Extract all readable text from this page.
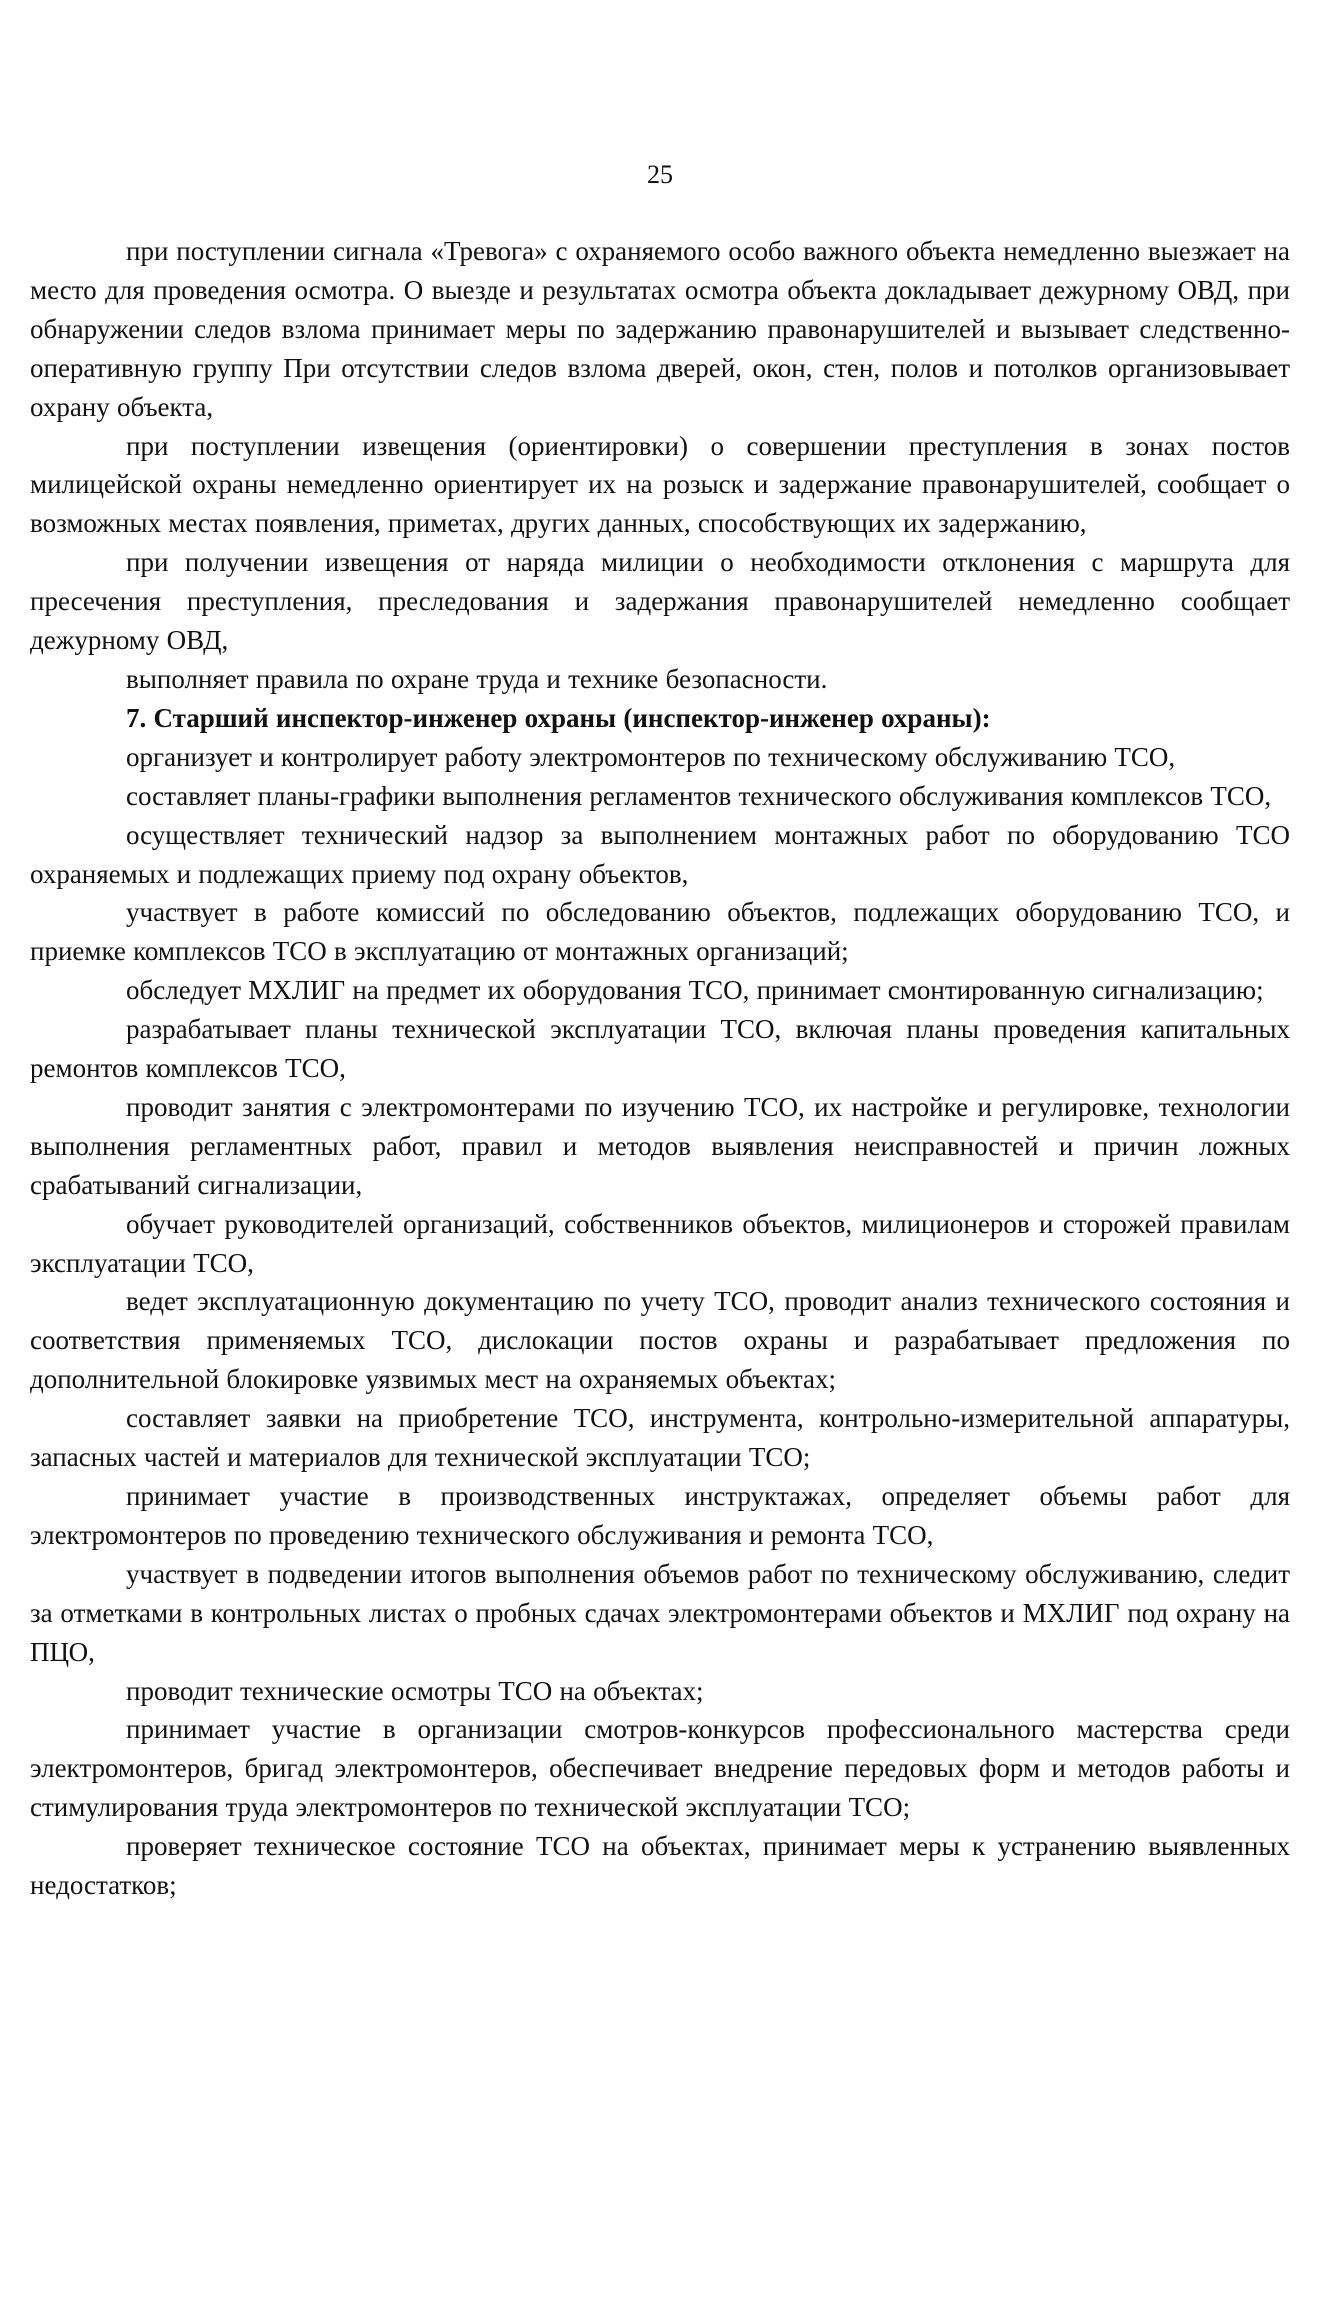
25

при поступлении сигнала «Тревога» с охраняемого особо важного объекта немедленно выезжает на место для проведения осмотра. О выезде и результатах осмотра объекта докладывает дежурному ОВД, при обнаружении следов взлома принимает меры по задержанию правонарушителей и вызывает следственно-оперативную группу При отсутствии следов взлома дверей, окон, стен, полов и потолков организовывает охрану объекта,

при поступлении извещения (ориентировки) о совершении преступления в зонах постов милицейской охраны немедленно ориентирует их на розыск и задержание правонарушителей, сообщает о возможных местах появления, приметах, других данных, способствующих их задержанию,

при получении извещения от наряда милиции о необходимости отклонения с маршрута для пресечения преступления, преследования и задержания правонарушителей немедленно сообщает дежурному ОВД,

выполняет правила по охране труда и технике безопасности.

7. Старший инспектор-инженер охраны (инспектор-инженер охраны):

организует и контролирует работу электромонтеров по техническому обслуживанию ТСО,

составляет планы-графики выполнения регламентов технического обслуживания комплексов ТСО,

осуществляет технический надзор за выполнением монтажных работ по оборудованию ТСО охраняемых и подлежащих приему под охрану объектов,

участвует в работе комиссий по обследованию объектов, подлежащих оборудованию ТСО, и приемке комплексов ТСО в эксплуатацию от монтажных организаций;

обследует МХЛИГ на предмет их оборудования ТСО, принимает смонтированную сигнализацию;

разрабатывает планы технической эксплуатации ТСО, включая планы проведения капитальных ремонтов комплексов ТСО,

проводит занятия с электромонтерами по изучению ТСО, их настройке и регулировке, технологии выполнения регламентных работ, правил и методов выявления неисправностей и причин ложных срабатываний сигнализации,

обучает руководителей организаций, собственников объектов, милиционеров и сторожей правилам эксплуатации ТСО,

ведет эксплуатационную документацию по учету ТСО, проводит анализ технического состояния и соответствия применяемых ТСО, дислокации постов охраны и разрабатывает предложения по дополнительной блокировке уязвимых мест на охраняемых объектах;

составляет заявки на приобретение ТСО, инструмента, контрольно-измерительной аппаратуры, запасных частей и материалов для технической эксплуатации ТСО;

принимает участие в производственных инструктажах, определяет объемы работ для электромонтеров по проведению технического обслуживания и ремонта ТСО,

участвует в подведении итогов выполнения объемов работ по техническому обслуживанию, следит за отметками в контрольных листах о пробных сдачах электромонтерами объектов и МХЛИГ под охрану на ПЦО,

проводит технические осмотры ТСО на объектах;

принимает участие в организации смотров-конкурсов профессионального мастерства среди электромонтеров, бригад электромонтеров, обеспечивает внедрение передовых форм и методов работы и стимулирования труда электромонтеров по технической эксплуатации ТСО;

проверяет техническое состояние ТСО на объектах, принимает меры к устранению выявленных недостатков;
